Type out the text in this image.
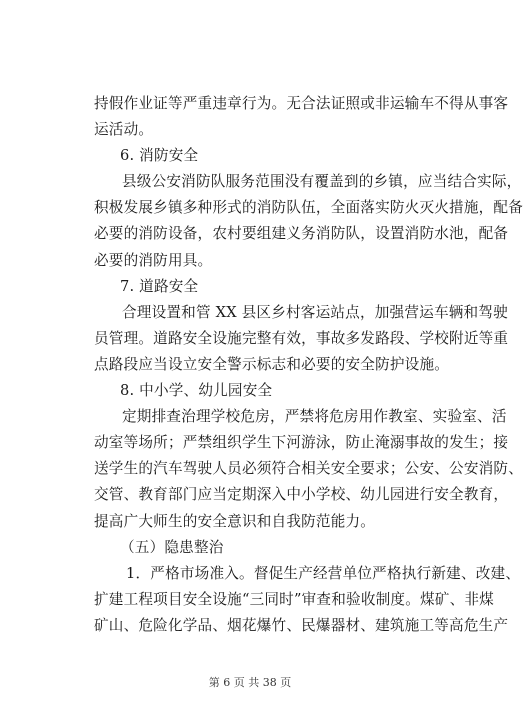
持假作业证等严重违章行为。无合法证照或非运输车不得从事客
运活动。
6. 消防安全
县级公安消防队服务范围没有覆盖到的乡镇，应当结合实际，
积极发展乡镇多种形式的消防队伍，全面落实防火灭火措施，配备
必要的消防设备，农村要组建义务消防队，设置消防水池，配备
必要的消防用具。
7. 道路安全
合理设置和管 XX 县区乡村客运站点，加强营运车辆和驾驶
员管理。道路安全设施完整有效，事故多发路段、学校附近等重
点路段应当设立安全警示标志和必要的安全防护设施。
8. 中小学、幼儿园安全
定期排查治理学校危房，严禁将危房用作教室、实验室、活
动室等场所；严禁组织学生下河游泳，防止淹溺事故的发生；接
送学生的汽车驾驶人员必须符合相关安全要求；公安、公安消防、
交管、教育部门应当定期深入中小学校、幼儿园进行安全教育，
提高广大师生的安全意识和自我防范能力。
（五）隐患整治
1．严格市场准入。督促生产经营单位严格执行新建、改建、
扩建工程项目安全设施“三同时”审查和验收制度。煤矿、非煤
矿山、危险化学品、烟花爆竹、民爆器材、建筑施工等高危生产
第 6 页 共 38 页
